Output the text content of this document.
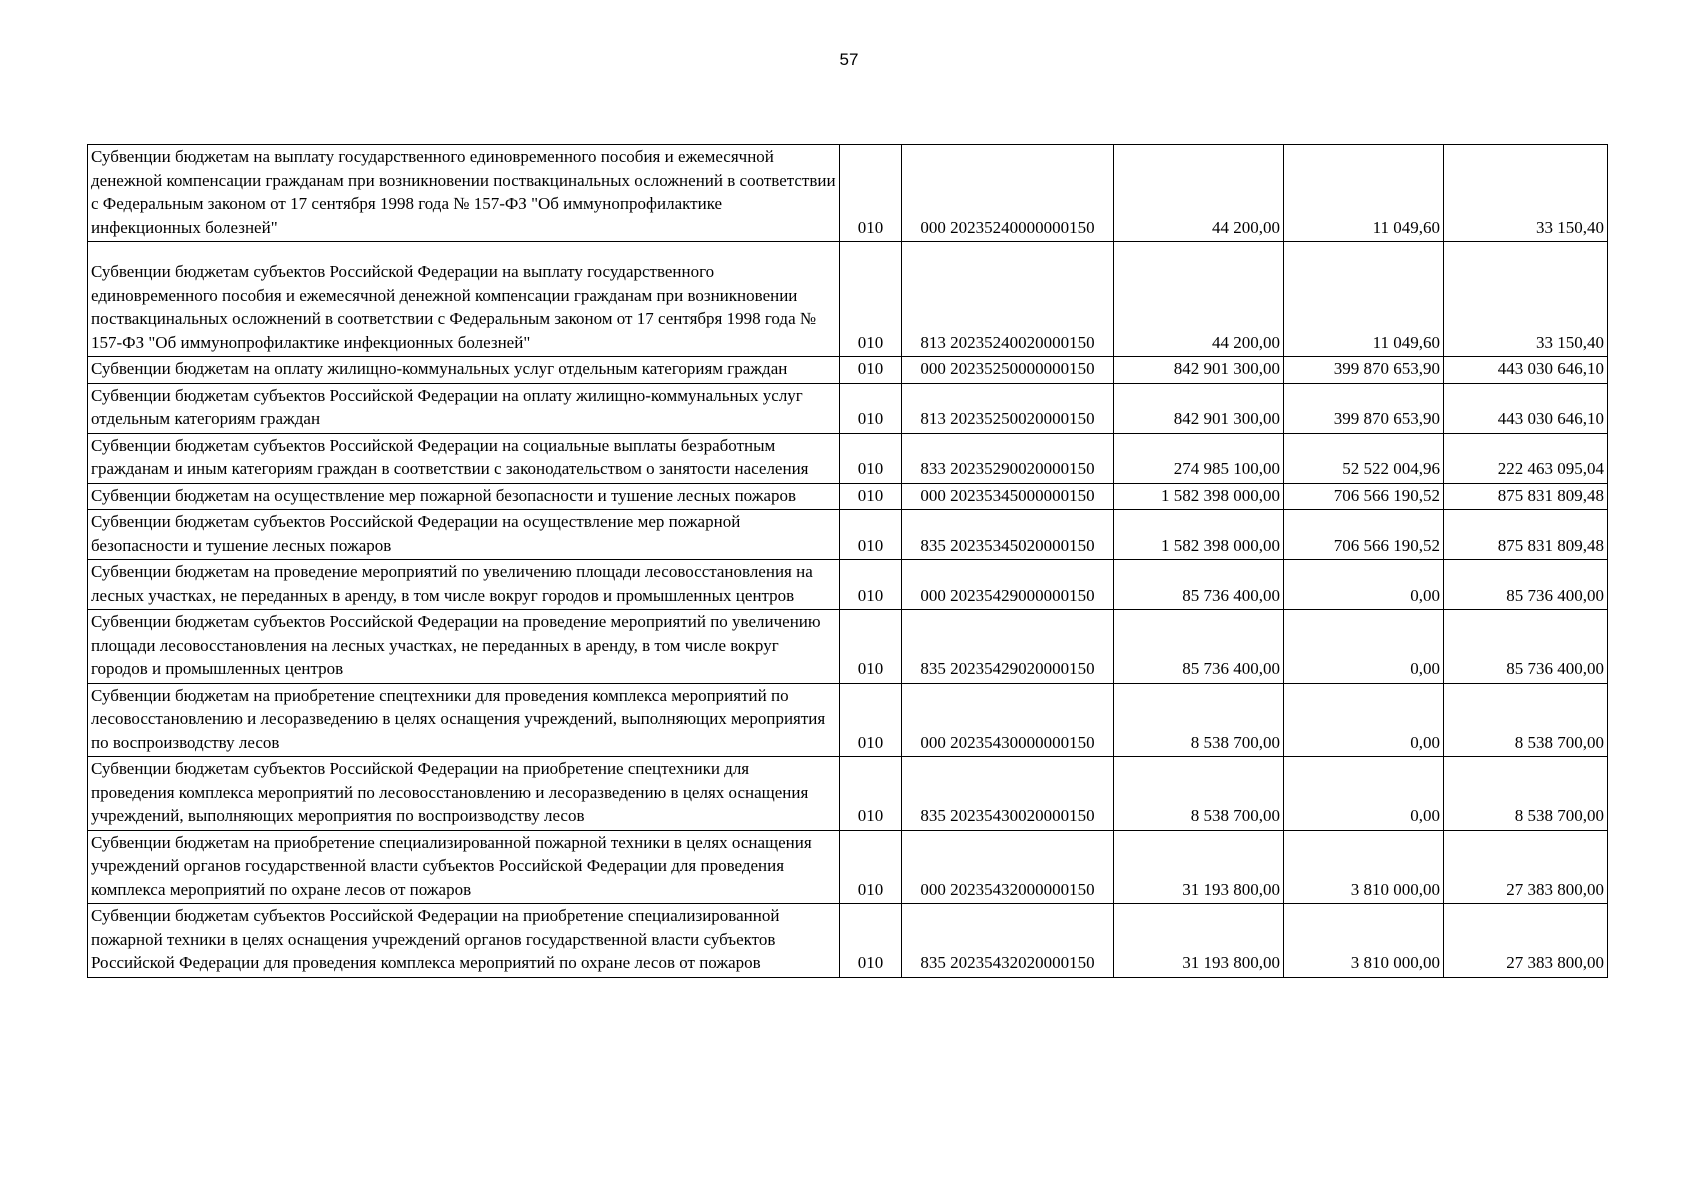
57
Субвенции бюджетам на выплату государственного единовременного пособия и ежемесячной денежной компенсации гражданам при возникновении поствакцинальных осложнений в соответствии с Федеральным законом от 17 сентября 1998 года № 157-ФЗ "Об иммунопрофилактике инфекционных болезней"	010	000 20235240000000150	44 200,00	11 049,60	33 150,40
Субвенции бюджетам субъектов Российской Федерации на выплату государственного единовременного пособия и ежемесячной денежной компенсации гражданам при возникновении поствакцинальных осложнений в соответствии с Федеральным законом от 17 сентября 1998 года № 157-ФЗ "Об иммунопрофилактике инфекционных болезней"	010	813 20235240020000150	44 200,00	11 049,60	33 150,40
Субвенции бюджетам на оплату жилищно-коммунальных услуг отдельным категориям граждан	010	000 20235250000000150	842 901 300,00	399 870 653,90	443 030 646,10
Субвенции бюджетам субъектов Российской Федерации на оплату жилищно-коммунальных услуг отдельным категориям граждан	010	813 20235250020000150	842 901 300,00	399 870 653,90	443 030 646,10
Субвенции бюджетам субъектов Российской Федерации на социальные выплаты безработным гражданам и иным категориям граждан в соответствии с законодательством о занятости населения	010	833 20235290020000150	274 985 100,00	52 522 004,96	222 463 095,04
Субвенции бюджетам на осуществление мер пожарной безопасности и тушение лесных пожаров	010	000 20235345000000150	1 582 398 000,00	706 566 190,52	875 831 809,48
Субвенции бюджетам субъектов Российской Федерации на осуществление мер пожарной безопасности и тушение лесных пожаров	010	835 20235345020000150	1 582 398 000,00	706 566 190,52	875 831 809,48
Субвенции бюджетам на проведение мероприятий по увеличению площади лесовосстановления на лесных участках, не переданных в аренду, в том числе вокруг городов и промышленных центров	010	000 20235429000000150	85 736 400,00	0,00	85 736 400,00
Субвенции бюджетам субъектов Российской Федерации на проведение мероприятий по увеличению площади лесовосстановления на лесных участках, не переданных в аренду, в том числе вокруг городов и промышленных центров	010	835 20235429020000150	85 736 400,00	0,00	85 736 400,00
Субвенции бюджетам на приобретение спецтехники для проведения комплекса мероприятий по лесовосстановлению и лесоразведению в целях оснащения учреждений, выполняющих мероприятия по воспроизводству лесов	010	000 20235430000000150	8 538 700,00	0,00	8 538 700,00
Субвенции бюджетам субъектов Российской Федерации на приобретение спецтехники для проведения комплекса мероприятий по лесовосстановлению и лесоразведению в целях оснащения учреждений, выполняющих мероприятия по воспроизводству лесов	010	835 20235430020000150	8 538 700,00	0,00	8 538 700,00
Субвенции бюджетам на приобретение специализированной пожарной техники в целях оснащения учреждений органов государственной власти субъектов Российской Федерации для проведения комплекса мероприятий по охране лесов от пожаров	010	000 20235432000000150	31 193 800,00	3 810 000,00	27 383 800,00
Субвенции бюджетам субъектов Российской Федерации на приобретение специализированной пожарной техники в целях оснащения учреждений органов государственной власти субъектов Российской Федерации для проведения комплекса мероприятий по охране лесов от пожаров	010	835 20235432020000150	31 193 800,00	3 810 000,00	27 383 800,00
